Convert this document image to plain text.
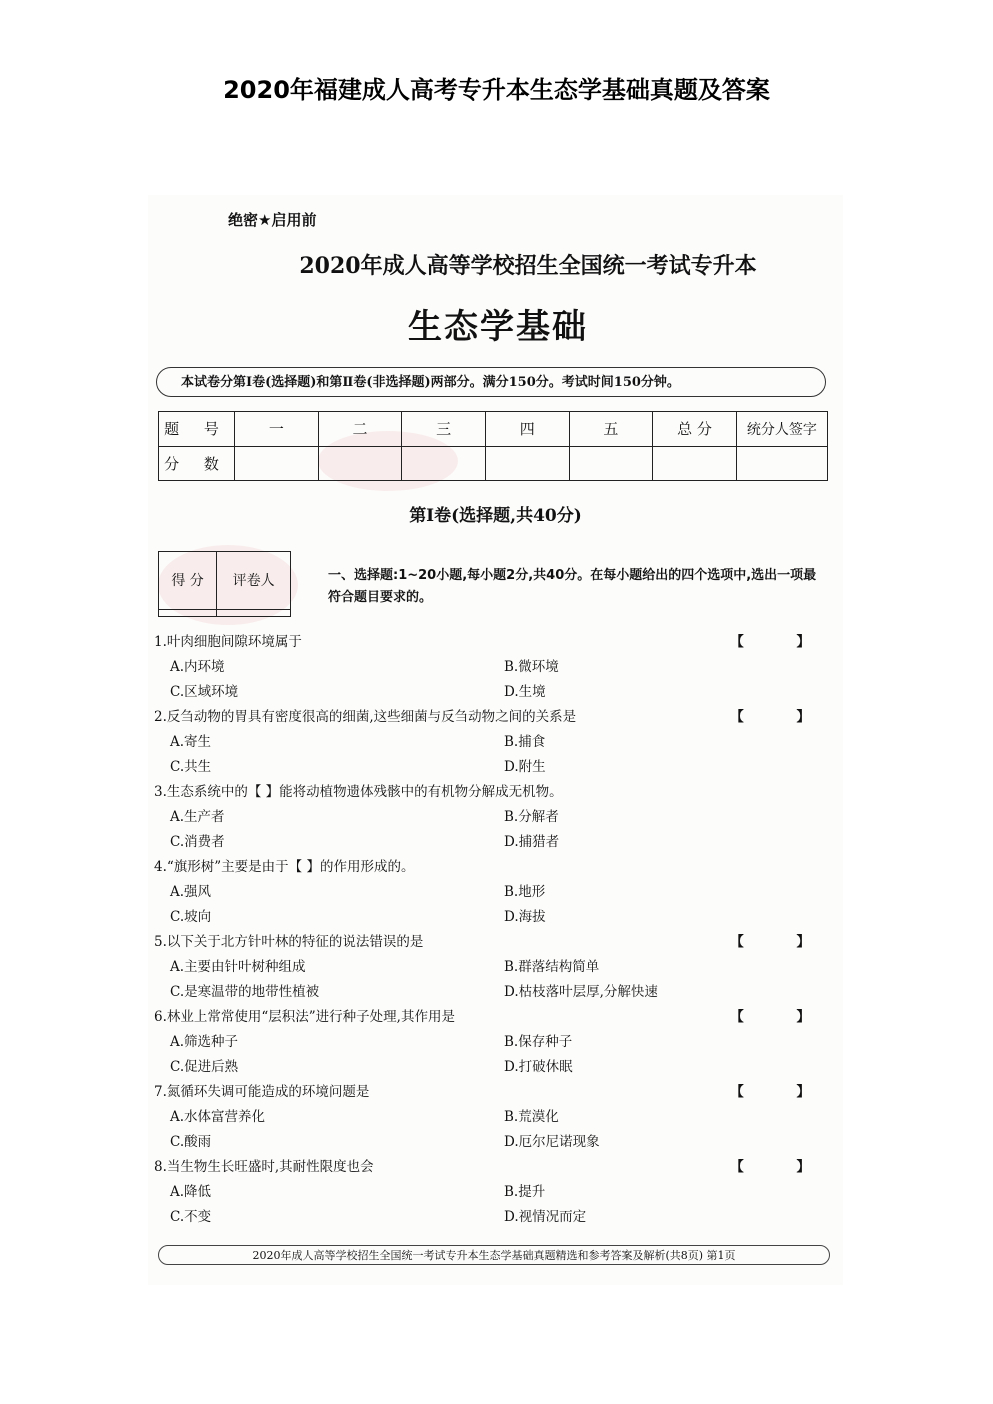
2020年福建成人高考专升本生态学基础真题及答案
绝密★启用前
2020年成人高等学校招生全国统一考试专升本
生态学基础
本试卷分第Ⅰ卷(选择题)和第Ⅱ卷(非选择题)两部分。满分150分。考试时间150分钟。
题 号	一	二	三	四	五	总 分	统分人签字
分 数							
第Ⅰ卷(选择题,共40分)
得 分	评卷人
		一、选择题:1~20小题,每小题2分,共40分。在每小题给出的四个选项中,选出一项最符合题目要求的。
1.叶肉细胞间隙环境属于	【 】
A.内环境	B.微环境
C.区域环境	D.生境
2.反刍动物的胃具有密度很高的细菌,这些细菌与反刍动物之间的关系是	【 】
A.寄生	B.捕食
C.共生	D.附生
3.生态系统中的【 】能将动植物遗体残骸中的有机物分解成无机物。
A.生产者	B.分解者
C.消费者	D.捕猎者
4.“旗形树”主要是由于【 】的作用形成的。
A.强风	B.地形
C.坡向	D.海拔
5.以下关于北方针叶林的特征的说法错误的是	【 】
A.主要由针叶树种组成	B.群落结构简单
C.是寒温带的地带性植被	D.枯枝落叶层厚,分解快速
6.林业上常常使用“层积法”进行种子处理,其作用是	【 】
A.筛选种子	B.保存种子
C.促进后熟	D.打破休眠
7.氮循环失调可能造成的环境问题是	【 】
A.水体富营养化	B.荒漠化
C.酸雨	D.厄尔尼诺现象
8.当生物生长旺盛时,其耐性限度也会	【 】
A.降低	B.提升
C.不变	D.视情况而定
2020年成人高等学校招生全国统一考试专升本生态学基础真题精选和参考答案及解析(共8页) 第1页
